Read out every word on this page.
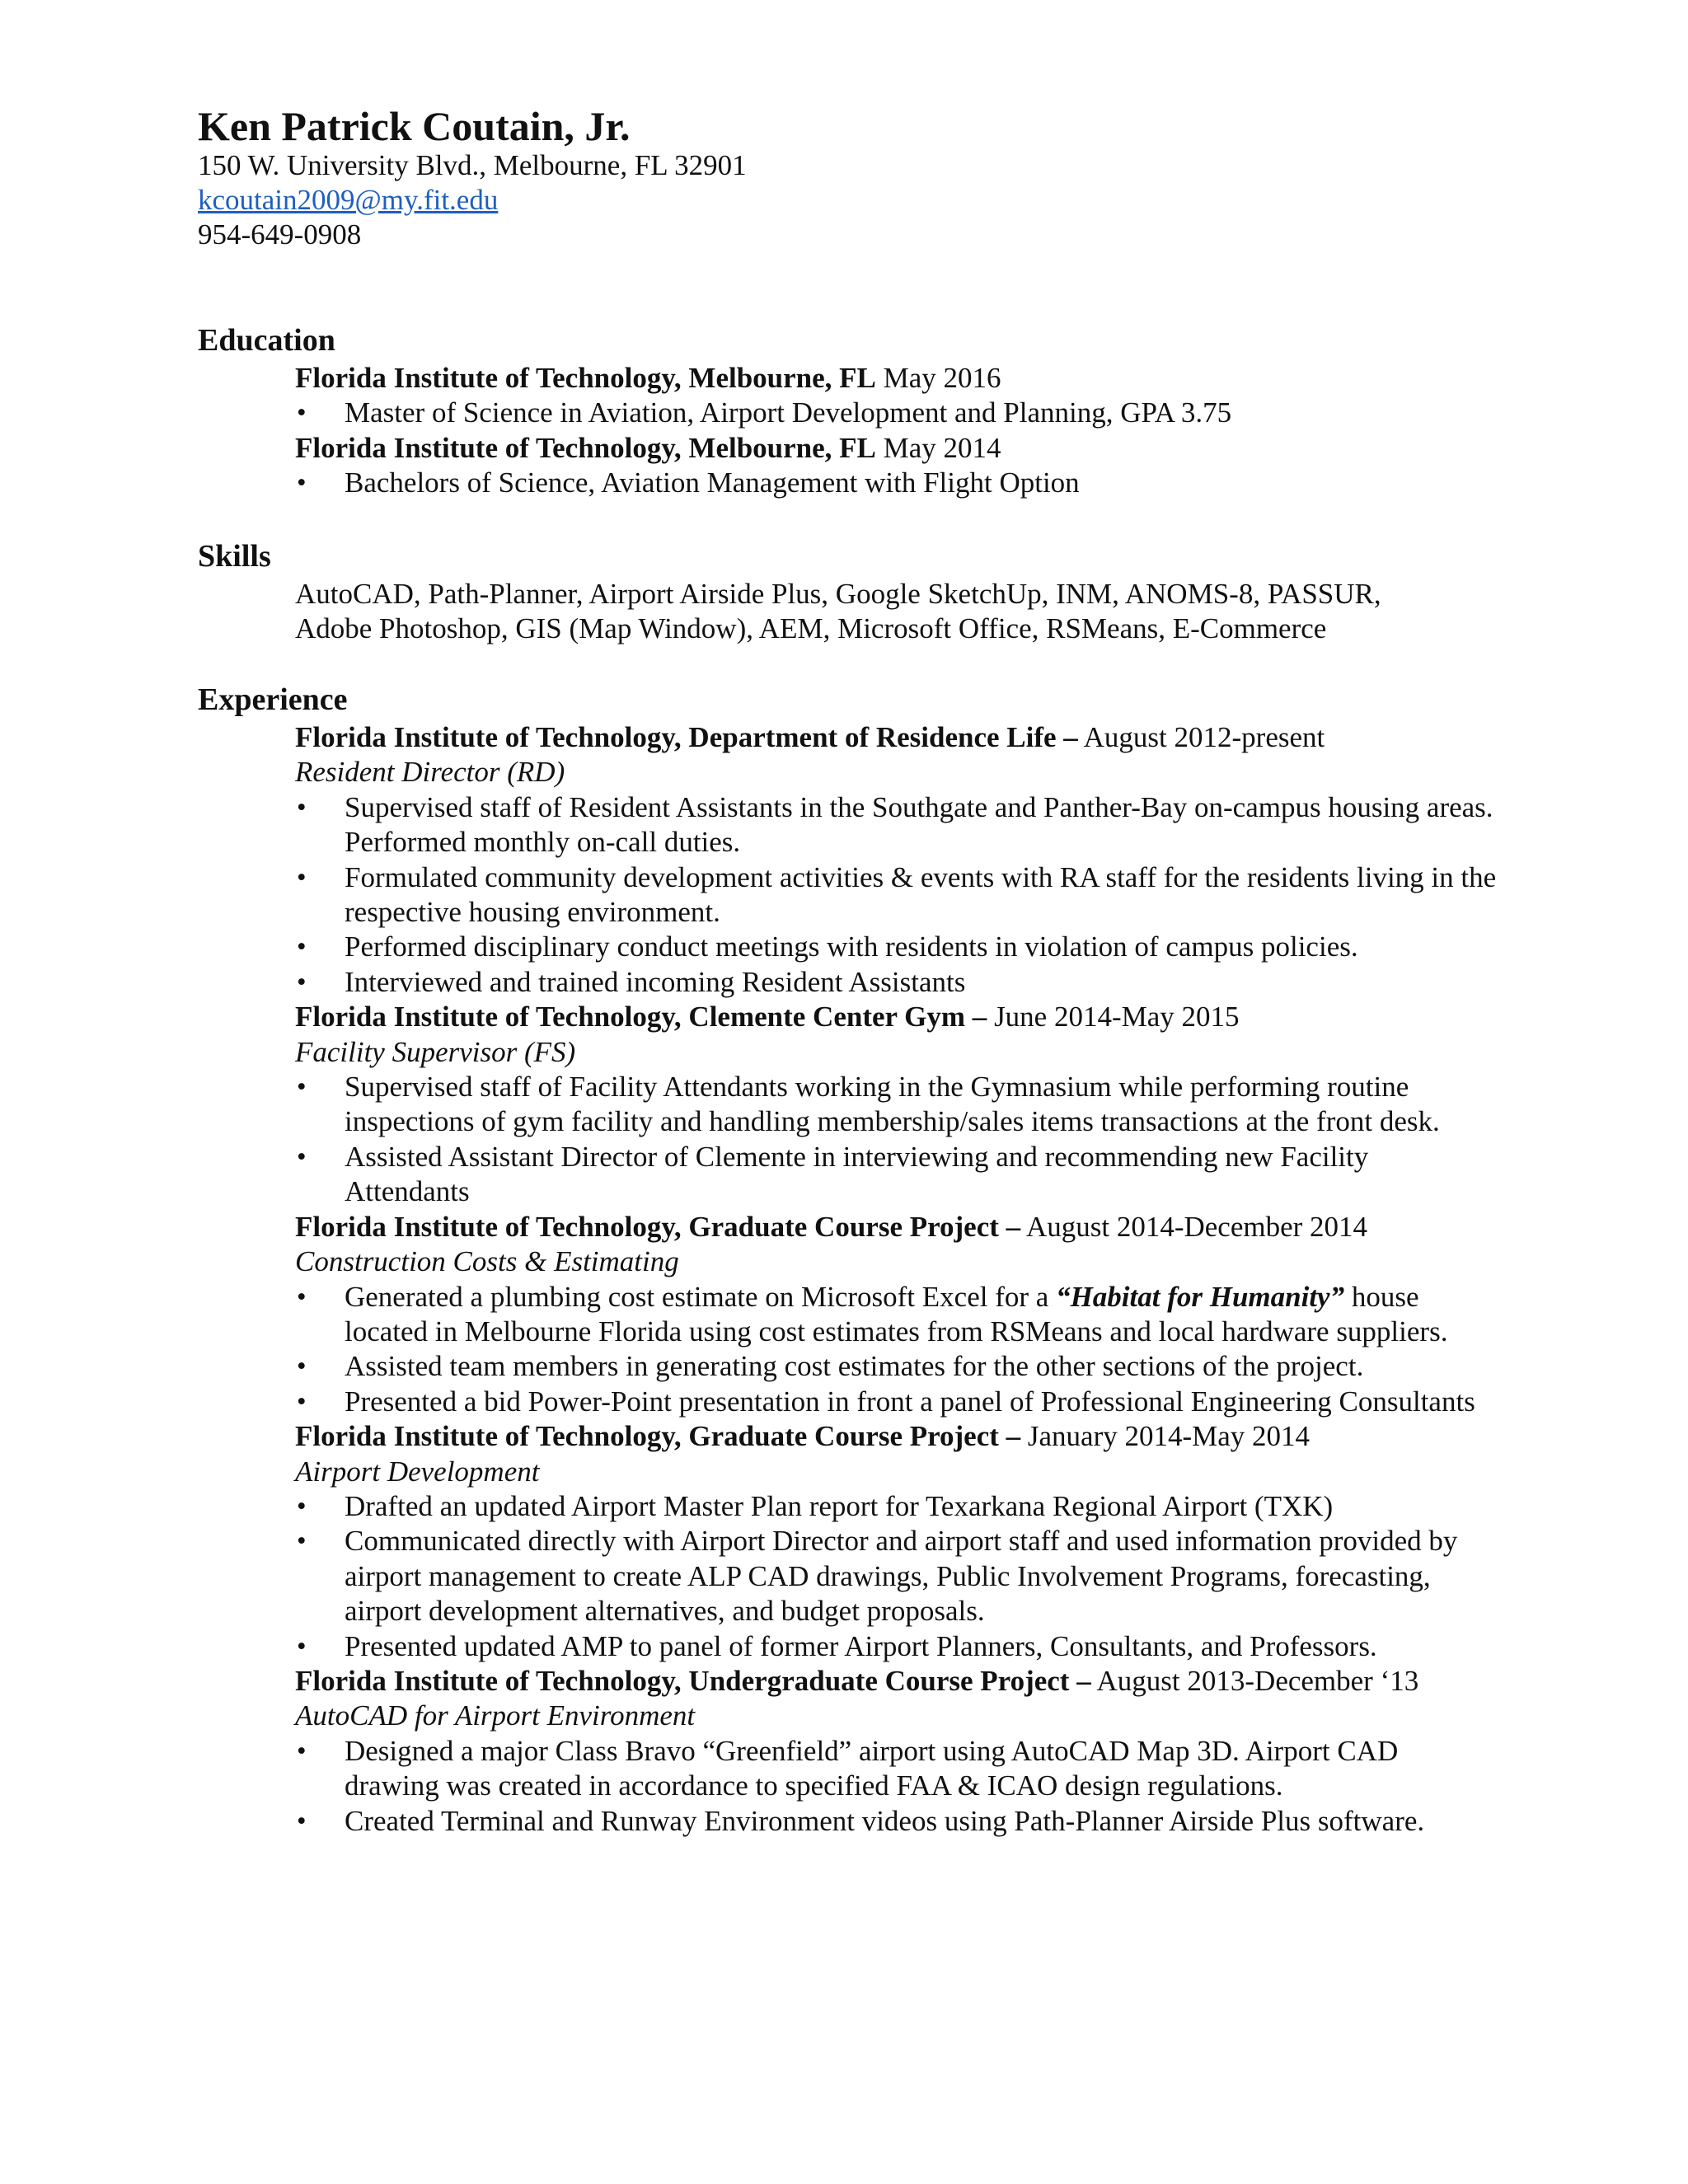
Ken Patrick Coutain, Jr.
150 W. University Blvd., Melbourne, FL 32901
kcoutain2009@my.fit.edu
954-649-0908
Education
Florida Institute of Technology, Melbourne, FL May 2016
• Master of Science in Aviation, Airport Development and Planning, GPA 3.75
Florida Institute of Technology, Melbourne, FL May 2014
• Bachelors of Science, Aviation Management with Flight Option
Skills
AutoCAD, Path-Planner, Airport Airside Plus, Google SketchUp, INM, ANOMS-8, PASSUR,
Adobe Photoshop, GIS (Map Window), AEM, Microsoft Office, RSMeans, E-Commerce
Experience
Florida Institute of Technology, Department of Residence Life – August 2012-present
Resident Director (RD)
• Supervised staff of Resident Assistants in the Southgate and Panther-Bay on-campus housing areas. Performed monthly on-call duties.
• Formulated community development activities & events with RA staff for the residents living in the respective housing environment.
• Performed disciplinary conduct meetings with residents in violation of campus policies.
• Interviewed and trained incoming Resident Assistants
Florida Institute of Technology, Clemente Center Gym – June 2014-May 2015
Facility Supervisor (FS)
• Supervised staff of Facility Attendants working in the Gymnasium while performing routine inspections of gym facility and handling membership/sales items transactions at the front desk.
• Assisted Assistant Director of Clemente in interviewing and recommending new Facility Attendants
Florida Institute of Technology, Graduate Course Project – August 2014-December 2014
Construction Costs & Estimating
• Generated a plumbing cost estimate on Microsoft Excel for a “Habitat for Humanity” house located in Melbourne Florida using cost estimates from RSMeans and local hardware suppliers.
• Assisted team members in generating cost estimates for the other sections of the project.
• Presented a bid Power-Point presentation in front a panel of Professional Engineering Consultants
Florida Institute of Technology, Graduate Course Project – January 2014-May 2014
Airport Development
• Drafted an updated Airport Master Plan report for Texarkana Regional Airport (TXK)
• Communicated directly with Airport Director and airport staff and used information provided by airport management to create ALP CAD drawings, Public Involvement Programs, forecasting, airport development alternatives, and budget proposals.
• Presented updated AMP to panel of former Airport Planners, Consultants, and Professors.
Florida Institute of Technology, Undergraduate Course Project – August 2013-December ‘13
AutoCAD for Airport Environment
• Designed a major Class Bravo “Greenfield” airport using AutoCAD Map 3D. Airport CAD drawing was created in accordance to specified FAA & ICAO design regulations.
• Created Terminal and Runway Environment videos using Path-Planner Airside Plus software.
